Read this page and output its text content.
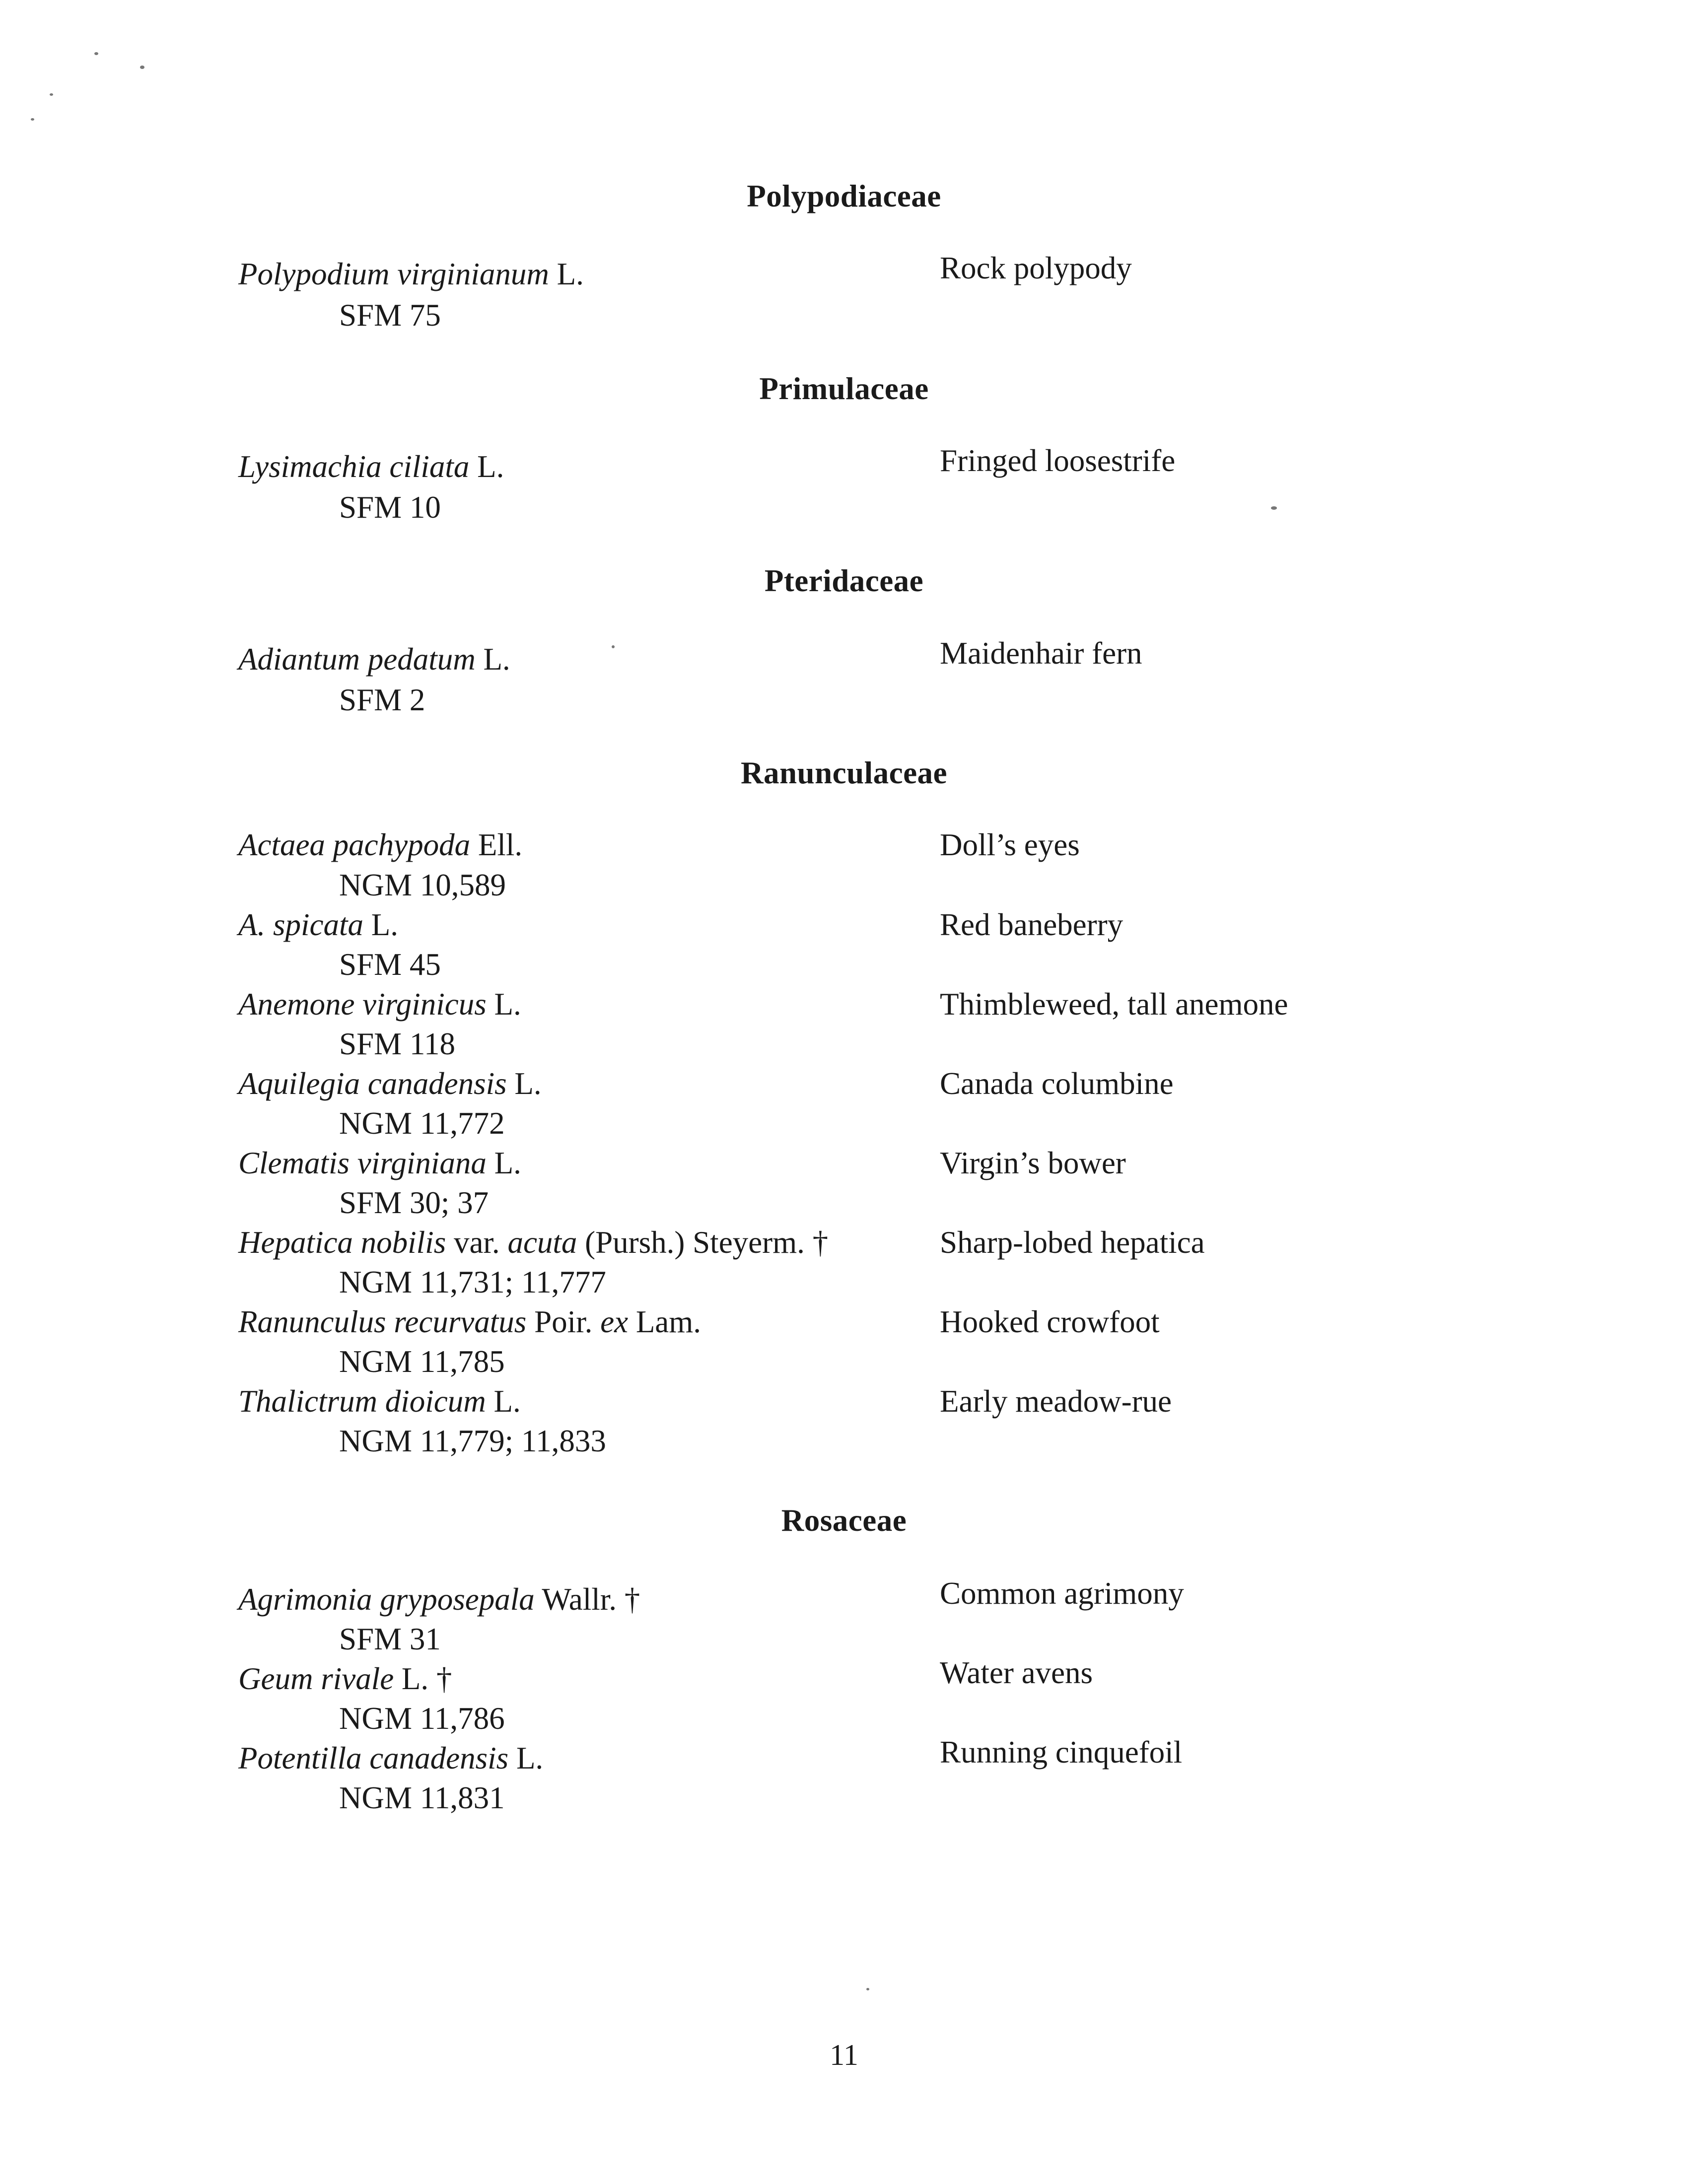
Polypodiaceae
Polypodium virginianum L.
SFM 75
Rock polypody
Primulaceae
Lysimachia ciliata L.
SFM 10
Fringed loosestrife
Pteridaceae
Adiantum pedatum L.
SFM 2
Maidenhair fern
Ranunculaceae
Actaea pachypoda Ell.
NGM 10,589
Doll’s eyes
A. spicata L.
SFM 45
Red baneberry
Anemone virginicus L.
SFM 118
Thimbleweed, tall anemone
Aquilegia canadensis L.
NGM 11,772
Canada columbine
Clematis virginiana L.
SFM 30; 37
Virgin’s bower
Hepatica nobilis var. acuta (Pursh.) Steyerm. †
NGM 11,731; 11,777
Sharp-lobed hepatica
Ranunculus recurvatus Poir. ex Lam.
NGM 11,785
Hooked crowfoot
Thalictrum dioicum L.
NGM 11,779; 11,833
Early meadow-rue
Rosaceae
Agrimonia gryposepala Wallr. †
SFM 31
Common agrimony
Geum rivale L. †
NGM 11,786
Water avens
Potentilla canadensis L.
NGM 11,831
Running cinquefoil
11
